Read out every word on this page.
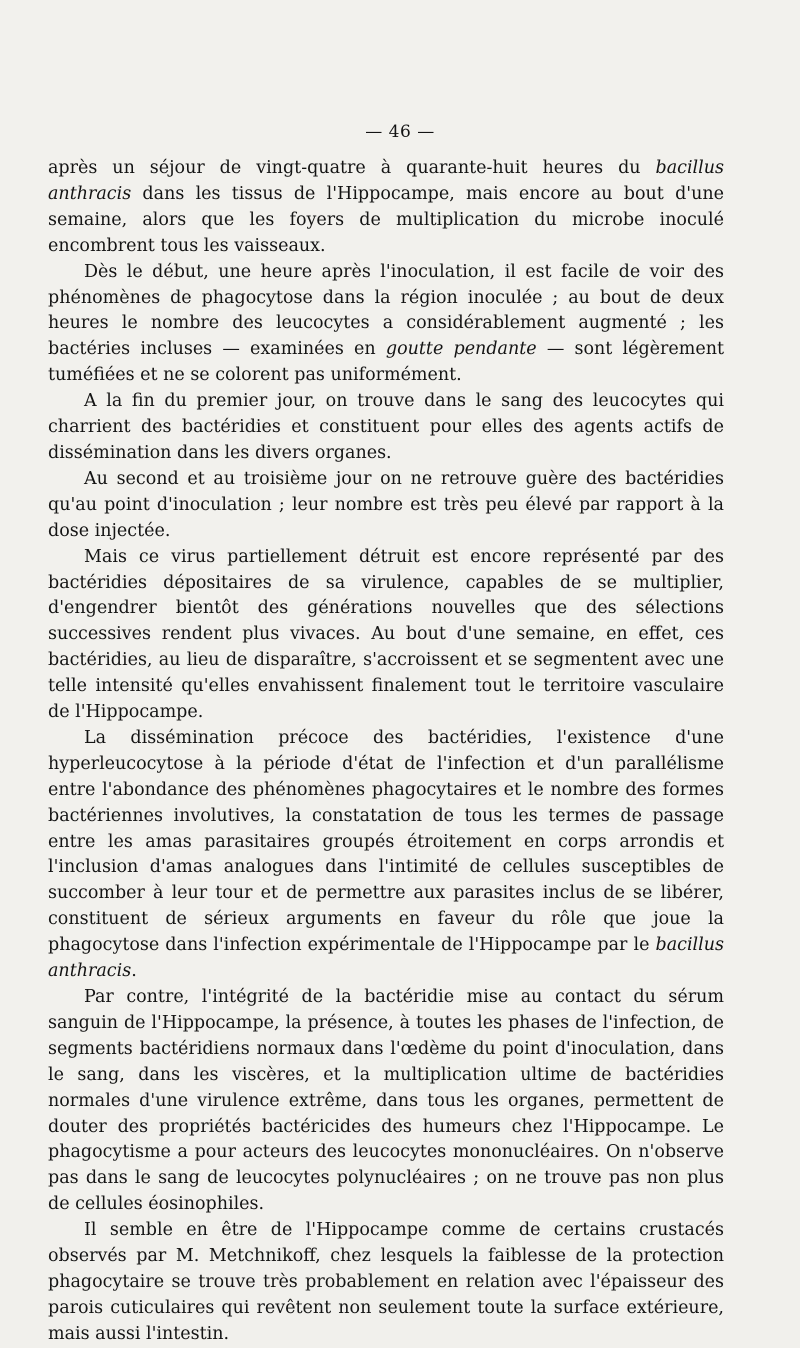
— 46 —

après un séjour de vingt-quatre à quarante-huit heures du bacillus anthracis dans les tissus de l'Hippocampe, mais encore au bout d'une semaine, alors que les foyers de multiplication du microbe inoculé encombrent tous les vaisseaux.

Dès le début, une heure après l'inoculation, il est facile de voir des phénomènes de phagocytose dans la région inoculée ; au bout de deux heures le nombre des leucocytes a considérablement augmenté ; les bactéries incluses — examinées en goutte pendante — sont légèrement tuméfiées et ne se colorent pas uniformément.

A la fin du premier jour, on trouve dans le sang des leucocytes qui charrient des bactéridies et constituent pour elles des agents actifs de dissémination dans les divers organes.

Au second et au troisième jour on ne retrouve guère des bactéridies qu'au point d'inoculation ; leur nombre est très peu élevé par rapport à la dose injectée.

Mais ce virus partiellement détruit est encore représenté par des bactéridies dépositaires de sa virulence, capables de se multiplier, d'engendrer bientôt des générations nouvelles que des sélections successives rendent plus vivaces. Au bout d'une semaine, en effet, ces bactéridies, au lieu de disparaître, s'accroissent et se segmentent avec une telle intensité qu'elles envahissent finalement tout le territoire vasculaire de l'Hippocampe.

La dissémination précoce des bactéridies, l'existence d'une hyperleucocytose à la période d'état de l'infection et d'un parallélisme entre l'abondance des phénomènes phagocytaires et le nombre des formes bactériennes involutives, la constatation de tous les termes de passage entre les amas parasitaires groupés étroitement en corps arrondis et l'inclusion d'amas analogues dans l'intimité de cellules susceptibles de succomber à leur tour et de permettre aux parasites inclus de se libérer, constituent de sérieux arguments en faveur du rôle que joue la phagocytose dans l'infection expérimentale de l'Hippocampe par le bacillus anthracis.

Par contre, l'intégrité de la bactéridie mise au contact du sérum sanguin de l'Hippocampe, la présence, à toutes les phases de l'infection, de segments bactéridiens normaux dans l'œdème du point d'inoculation, dans le sang, dans les viscères, et la multiplication ultime de bactéridies normales d'une virulence extrême, dans tous les organes, permettent de douter des propriétés bactéricides des humeurs chez l'Hippocampe. Le phagocytisme a pour acteurs des leucocytes mononucléaires. On n'observe pas dans le sang de leucocytes polynucléaires ; on ne trouve pas non plus de cellules éosinophiles.

Il semble en être de l'Hippocampe comme de certains crustacés observés par M. Metchnikoff, chez lesquels la faiblesse de la protection phagocytaire se trouve très probablement en relation avec l'épaisseur des parois cuticulaires qui revêtent non seulement toute la surface extérieure, mais aussi l'intestin.
